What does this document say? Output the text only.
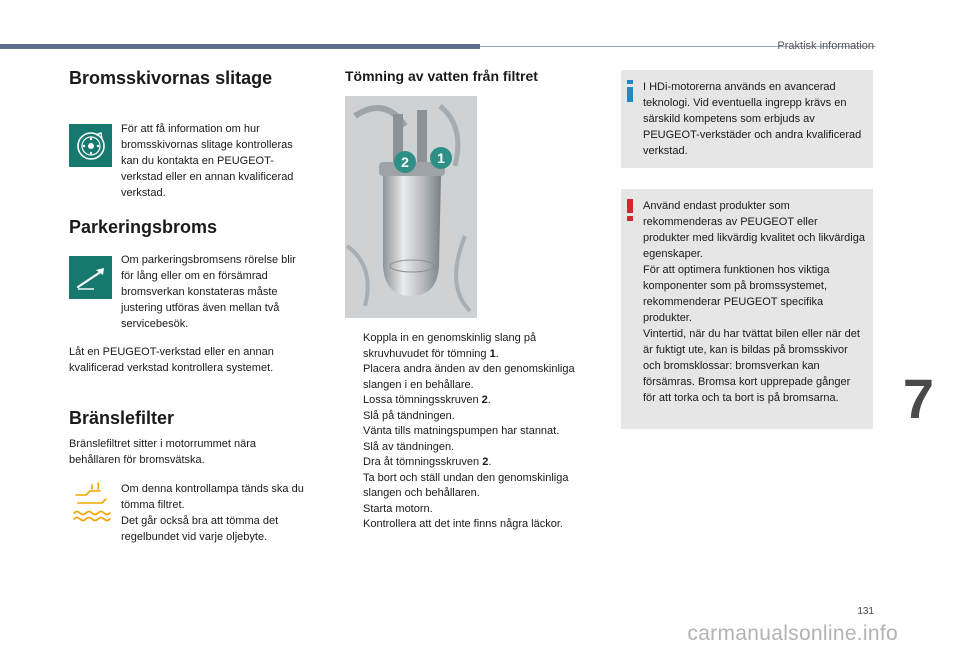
Praktisk information
Bromsskivornas slitage
För att få information om hur bromsskivornas slitage kontrolleras kan du kontakta en PEUGEOT-verkstad eller en annan kvalificerad verkstad.
Parkeringsbroms
Om parkeringsbromsens rörelse blir för lång eller om en försämrad bromsverkan konstateras måste justering utföras även mellan två servicebesök.
Låt en PEUGEOT-verkstad eller en annan kvalificerad verkstad kontrollera systemet.
Bränslefilter
Bränslefiltret sitter i motorrummet nära behållaren för bromsvätska.
Om denna kontrollampa tänds ska du tömma filtret.
Det går också bra att tömma det regelbundet vid varje oljebyte.
Tömning av vatten från filtret
2 1
Koppla in en genomskinlig slang på skruvhuvudet för tömning 1.
Placera andra änden av den genomskinliga slangen i en behållare.
Lossa tömningsskruven 2.
Slå på tändningen.
Vänta tills matningspumpen har stannat.
Slå av tändningen.
Dra åt tömningsskruven 2.
Ta bort och ställ undan den genomskinliga slangen och behållaren.
Starta motorn.
Kontrollera att det inte finns några läckor.
I HDi-motorerna används en avancerad teknologi. Vid eventuella ingrepp krävs en särskild kompetens som erbjuds av PEUGEOT-verkstäder och andra kvalificerad verkstad.
Använd endast produkter som rekommenderas av PEUGEOT eller produkter med likvärdig kvalitet och likvärdiga egenskaper.
För att optimera funktionen hos viktiga komponenter som på bromssystemet, rekommenderar PEUGEOT specifika produkter.
Vintertid, när du har tvättat bilen eller när det är fuktigt ute, kan is bildas på bromsskivor och bromsklossar: bromsverkan kan försämras. Bromsa kort upprepade gånger för att torka och ta bort is på bromsarna.	7
131
carmanualsonline.info
